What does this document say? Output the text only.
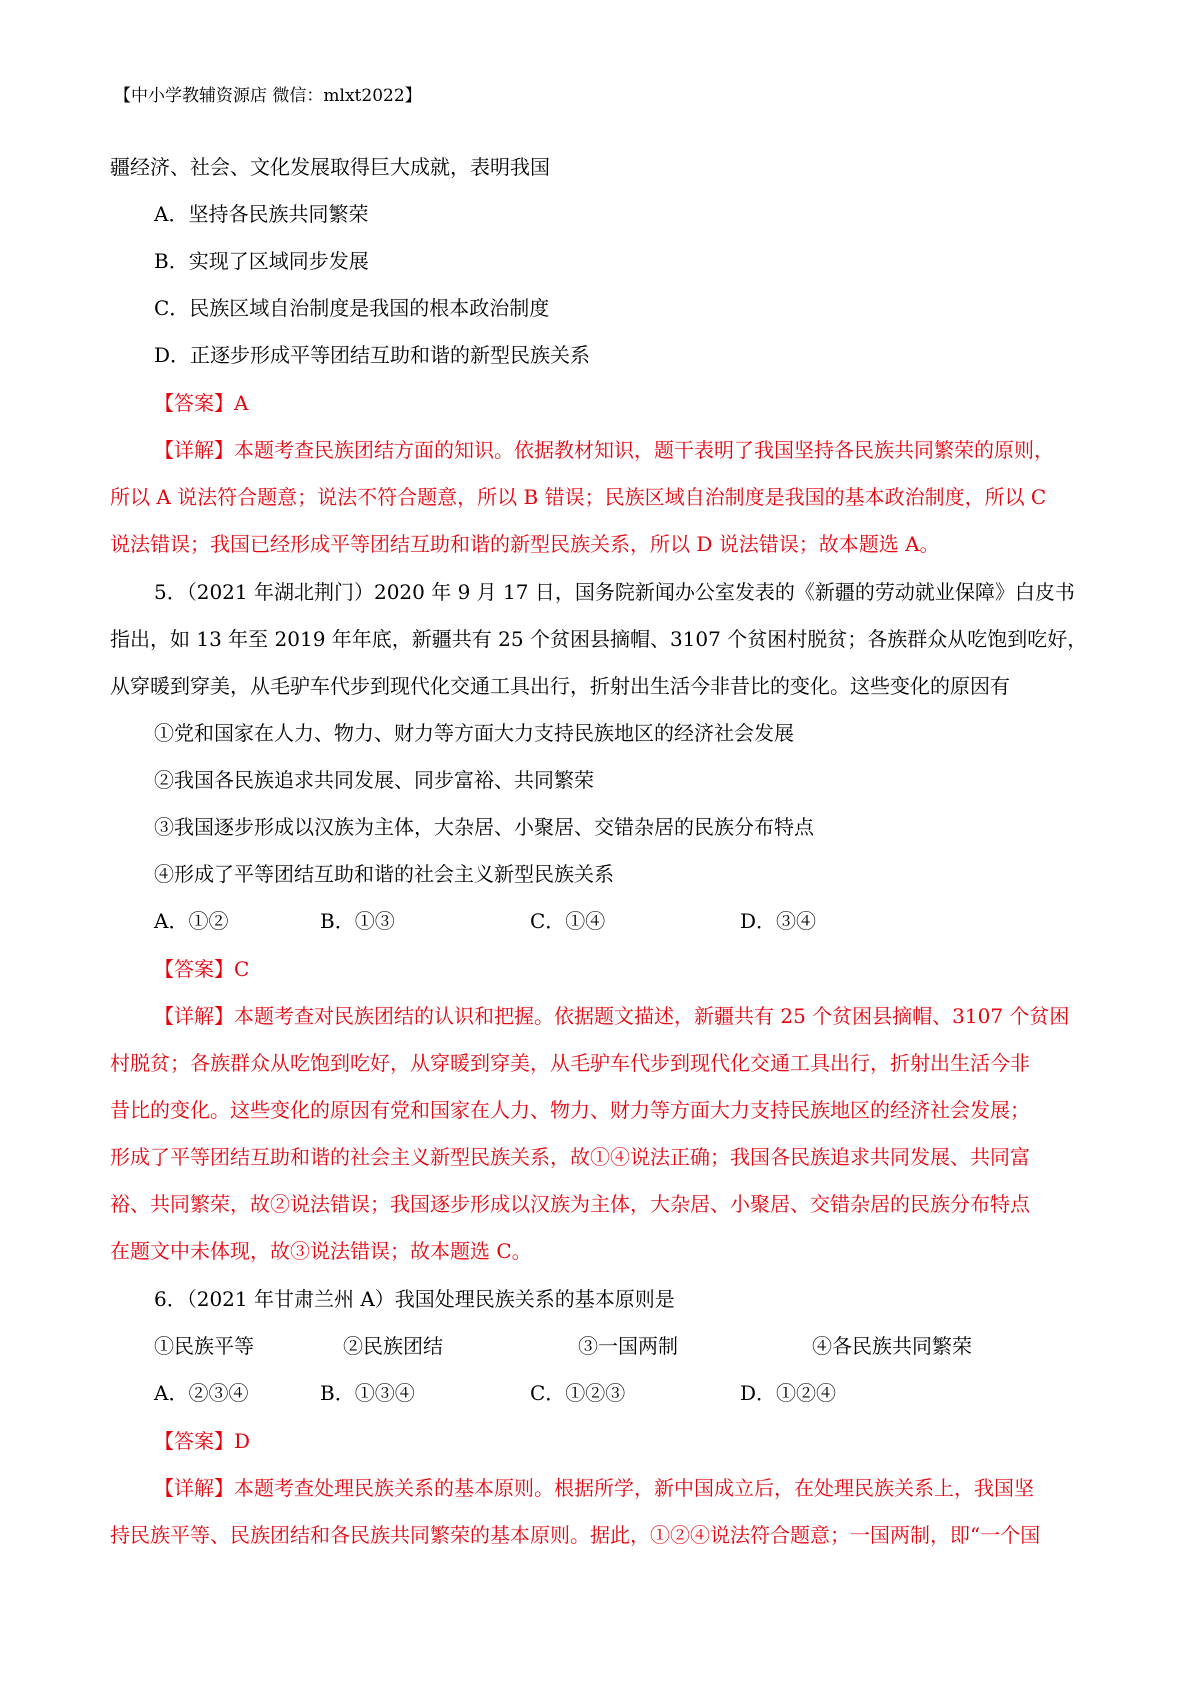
【中小学教辅资源店 微信：mlxt2022】
疆经济、社会、文化发展取得巨大成就，表明我国
A．坚持各民族共同繁荣
B．实现了区域同步发展
C．民族区域自治制度是我国的根本政治制度
D．正逐步形成平等团结互助和谐的新型民族关系
【答案】A
【详解】本题考查民族团结方面的知识。依据教材知识，题干表明了我国坚持各民族共同繁荣的原则，
所以 A 说法符合题意；说法不符合题意，所以 B 错误；民族区域自治制度是我国的基本政治制度，所以 C
说法错误；我国已经形成平等团结互助和谐的新型民族关系，所以 D 说法错误；故本题选 A。
5．（2021 年湖北荆门）2020 年 9 月 17 日，国务院新闻办公室发表的《新疆的劳动就业保障》白皮书
指出，如 13 年至 2019 年年底，新疆共有 25 个贫困县摘帽、3107 个贫困村脱贫；各族群众从吃饱到吃好，
从穿暖到穿美，从毛驴车代步到现代化交通工具出行，折射出生活今非昔比的变化。这些变化的原因有
①党和国家在人力、物力、财力等方面大力支持民族地区的经济社会发展
②我国各民族追求共同发展、同步富裕、共同繁荣
③我国逐步形成以汉族为主体，大杂居、小聚居、交错杂居的民族分布特点
④形成了平等团结互助和谐的社会主义新型民族关系
A．①②	B．①③	C．①④	D．③④
【答案】C
【详解】本题考查对民族团结的认识和把握。依据题文描述，新疆共有 25 个贫困县摘帽、3107 个贫困
村脱贫；各族群众从吃饱到吃好，从穿暖到穿美，从毛驴车代步到现代化交通工具出行，折射出生活今非
昔比的变化。这些变化的原因有党和国家在人力、物力、财力等方面大力支持民族地区的经济社会发展；
形成了平等团结互助和谐的社会主义新型民族关系，故①④说法正确；我国各民族追求共同发展、共同富
裕、共同繁荣，故②说法错误；我国逐步形成以汉族为主体，大杂居、小聚居、交错杂居的民族分布特点
在题文中未体现，故③说法错误；故本题选 C。
6．（2021 年甘肃兰州 A）我国处理民族关系的基本原则是
①民族平等	②民族团结	③一国两制	④各民族共同繁荣
A．②③④	B．①③④	C．①②③	D．①②④
【答案】D
【详解】本题考查处理民族关系的基本原则。根据所学，新中国成立后，在处理民族关系上，我国坚
持民族平等、民族团结和各民族共同繁荣的基本原则。据此，①②④说法符合题意；一国两制，即“一个国
